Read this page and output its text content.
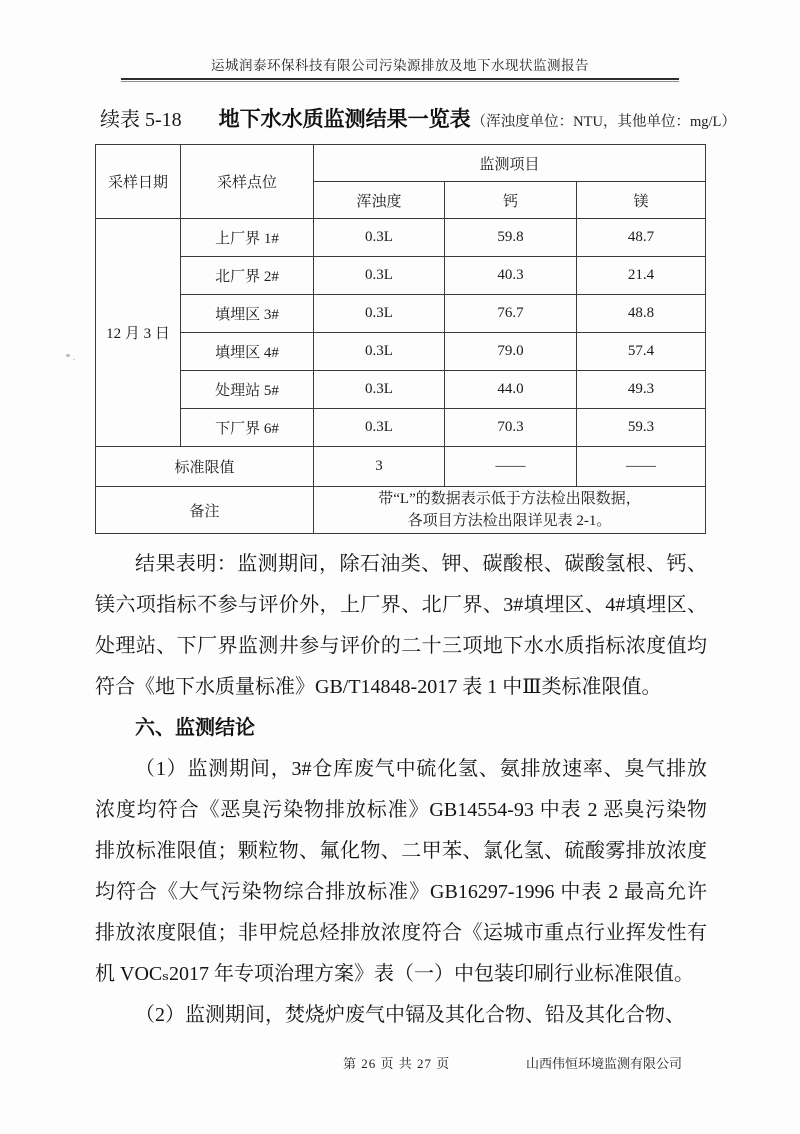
运城润泰环保科技有限公司污染源排放及地下水现状监测报告
续表 5-18 地下水水质监测结果一览表 （浑浊度单位：NTU，其他单位：mg/L）
采样日期	采样点位	监测项目		
		浑浊度	钙	镁
12 月 3 日	上厂界 1#	0.3L	59.8	48.7
	北厂界 2#	0.3L	40.3	21.4
	填埋区 3#	0.3L	76.7	48.8
	填埋区 4#	0.3L	79.0	57.4
	处理站 5#	0.3L	44.0	49.3
	下厂界 6#	0.3L	70.3	59.3
标准限值		3	——	——
备注		带“L”的数据表示低于方法检出限数据，
各项目方法检出限详见表 2-1。		
结果表明：监测期间，除石油类、钾、碳酸根、碳酸氢根、钙、
镁六项指标不参与评价外，上厂界、北厂界、3#填埋区、4#填埋区、
处理站、下厂界监测井参与评价的二十三项地下水水质指标浓度值均
符合《地下水质量标准》GB/T14848-2017 表 1 中Ⅲ类标准限值。
六、监测结论
（1）监测期间，3#仓库废气中硫化氢、氨排放速率、臭气排放
浓度均符合《恶臭污染物排放标准》GB14554-93 中表 2 恶臭污染物
排放标准限值；颗粒物、氟化物、二甲苯、氯化氢、硫酸雾排放浓度
均符合《大气污染物综合排放标准》GB16297-1996 中表 2 最高允许
排放浓度限值；非甲烷总烃排放浓度符合《运城市重点行业挥发性有
机 VOCₛ2017 年专项治理方案》表（一）中包装印刷行业标准限值。
（2）监测期间，焚烧炉废气中镉及其化合物、铅及其化合物、
第 26 页 共 27 页	山西伟恒环境监测有限公司
